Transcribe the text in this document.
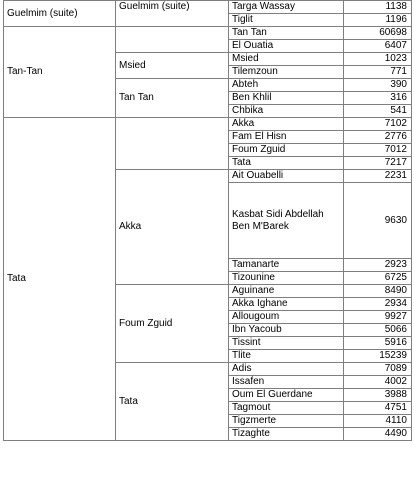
Guelmim (suite)	Guelmim (suite)	Targa Wassay	1138
		Tiglit	1196
Tan-Tan		Tan Tan	60698
		El Ouatia	6407
	Msied	Msied	1023
		Tilemzoun	771
	Tan Tan	Abteh	390
		Ben Khlil	316
		Chbika	541
Tata		Akka	7102
		Fam El Hisn	2776
		Foum Zguid	7012
		Tata	7217
	Akka	Ait Ouabelli	2231
		Kasbat Sidi Abdellah Ben M'Barek	9630
		Tamanarte	2923
		Tizounine	6725
	Foum Zguid	Aguinane	8490
		Akka Ighane	2934
		Allougoum	9927
		Ibn Yacoub	5066
		Tissint	5916
		Tlite	15239
	Tata	Adis	7089
		Issafen	4002
		Oum El Guerdane	3988
		Tagmout	4751
		Tigzmerte	4110
		Tizaghte	4490
